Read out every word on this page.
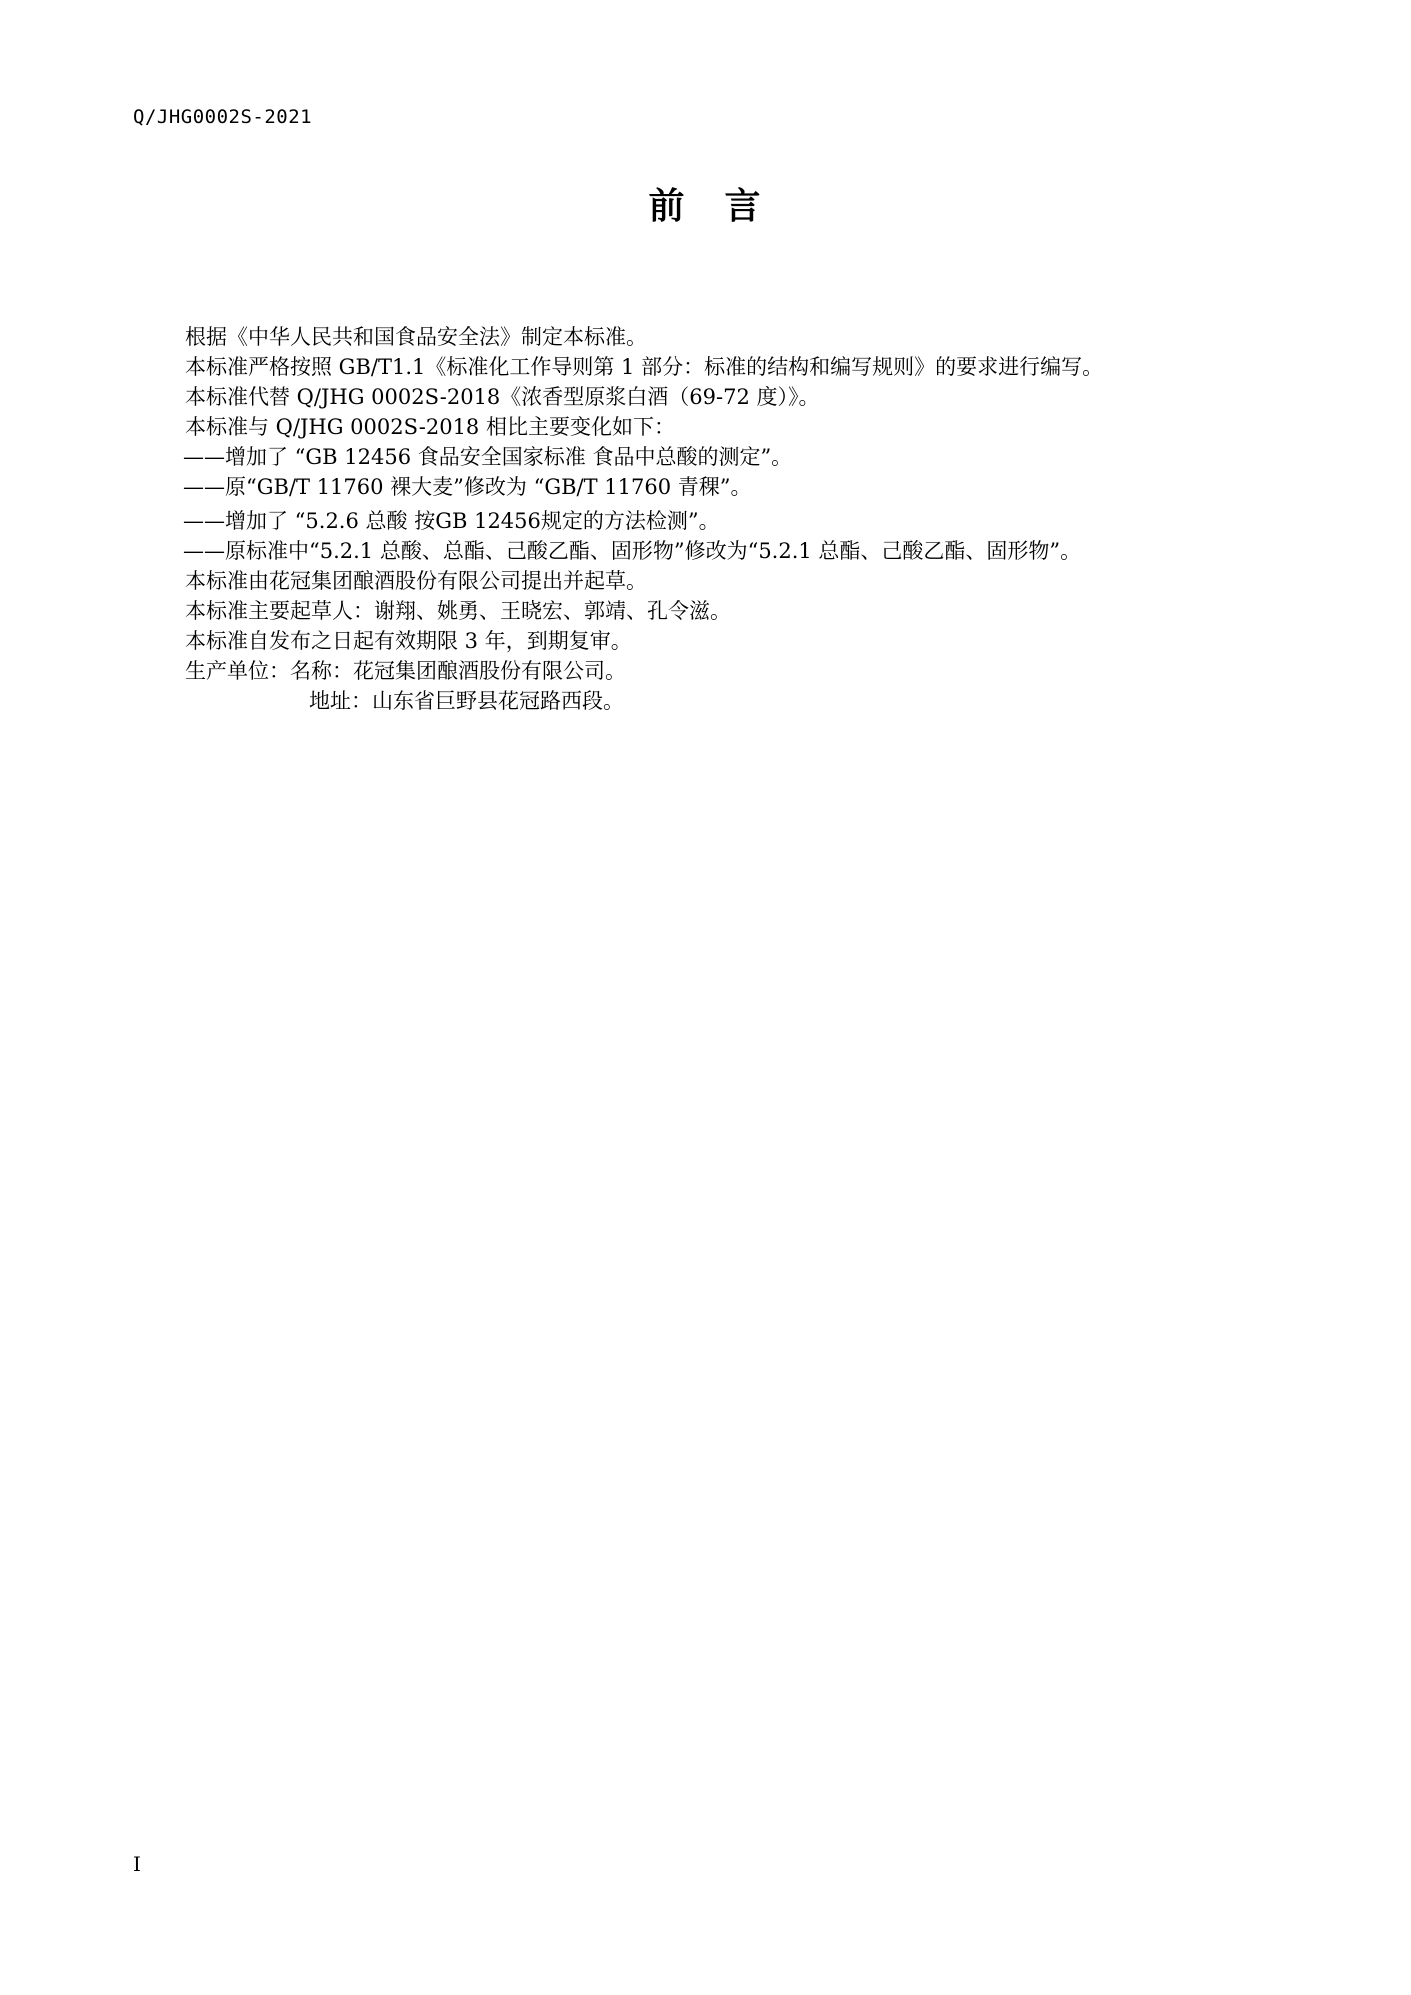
Q/JHG0002S-2021
前　言
根据《中华人民共和国食品安全法》制定本标准。
本标准严格按照 GB/T1.1《标准化工作导则第 1 部分：标准的结构和编写规则》的要求进行编写。
本标准代替 Q/JHG 0002S-2018《浓香型原浆白酒（69-72 度）》。
本标准与 Q/JHG 0002S-2018 相比主要变化如下：
——增加了 “GB 12456 食品安全国家标准 食品中总酸的测定”。
——原“GB/T 11760 裸大麦”修改为 “GB/T 11760 青稞”。
——增加了 “5.2.6 总酸 按GB 12456规定的方法检测”。
——原标准中“5.2.1 总酸、总酯、己酸乙酯、固形物”修改为“5.2.1 总酯、己酸乙酯、固形物”。
本标准由花冠集团酿酒股份有限公司提出并起草。
本标准主要起草人：谢翔、姚勇、王晓宏、郭靖、孔令滋。
本标准自发布之日起有效期限 3 年，到期复审。
生产单位：名称：花冠集团酿酒股份有限公司。
地址：山东省巨野县花冠路西段。
I
